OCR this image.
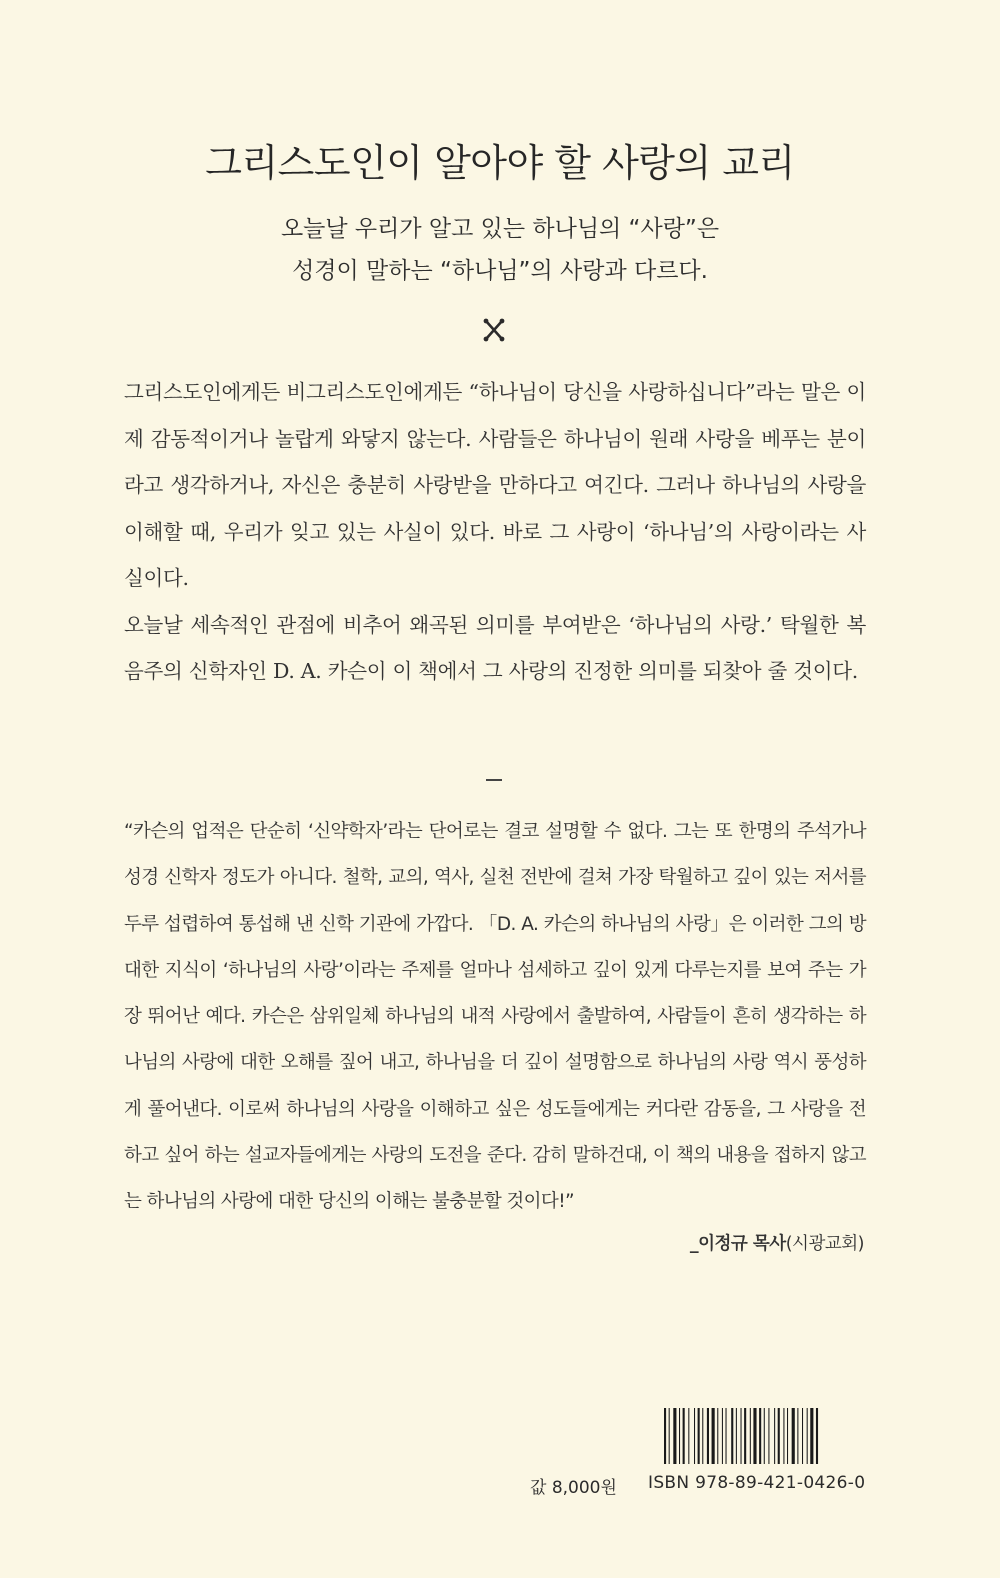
그리스도인이 알아야 할 사랑의 교리
오늘날 우리가 알고 있는 하나님의 “사랑”은
성경이 말하는 “하나님”의 사랑과 다르다.

그리스도인에게든 비그리스도인에게든 “하나님이 당신을 사랑하십니다”라는 말은 이제 감동적이거나 놀랍게 와닿지 않는다. 사람들은 하나님이 원래 사랑을 베푸는 분이라고 생각하거나, 자신은 충분히 사랑받을 만하다고 여긴다. 그러나 하나님의 사랑을 이해할 때, 우리가 잊고 있는 사실이 있다. 바로 그 사랑이 ‘하나님’의 사랑이라는 사실이다.

오늘날 세속적인 관점에 비추어 왜곡된 의미를 부여받은 ‘하나님의 사랑.’ 탁월한 복음주의 신학자인 D. A. 카슨이 이 책에서 그 사랑의 진정한 의미를 되찾아 줄 것이다.

“카슨의 업적은 단순히 ‘신약학자’라는 단어로는 결코 설명할 수 없다. 그는 또 한명의 주석가나 성경 신학자 정도가 아니다. 철학, 교의, 역사, 실천 전반에 걸쳐 가장 탁월하고 깊이 있는 저서를 두루 섭렵하여 통섭해 낸 신학 기관에 가깝다. 「D. A. 카슨의 하나님의 사랑」은 이러한 그의 방대한 지식이 ‘하나님의 사랑’이라는 주제를 얼마나 섬세하고 깊이 있게 다루는지를 보여 주는 가장 뛰어난 예다. 카슨은 삼위일체 하나님의 내적 사랑에서 출발하여, 사람들이 흔히 생각하는 하나님의 사랑에 대한 오해를 짚어 내고, 하나님을 더 깊이 설명함으로 하나님의 사랑 역시 풍성하게 풀어낸다. 이로써 하나님의 사랑을 이해하고 싶은 성도들에게는 커다란 감동을, 그 사랑을 전하고 싶어 하는 설교자들에게는 사랑의 도전을 준다. 감히 말하건대, 이 책의 내용을 접하지 않고는 하나님의 사랑에 대한 당신의 이해는 불충분할 것이다!”

_이정규 목사(시광교회)
값 8,000원 ISBN 978-89-421-0426-0
